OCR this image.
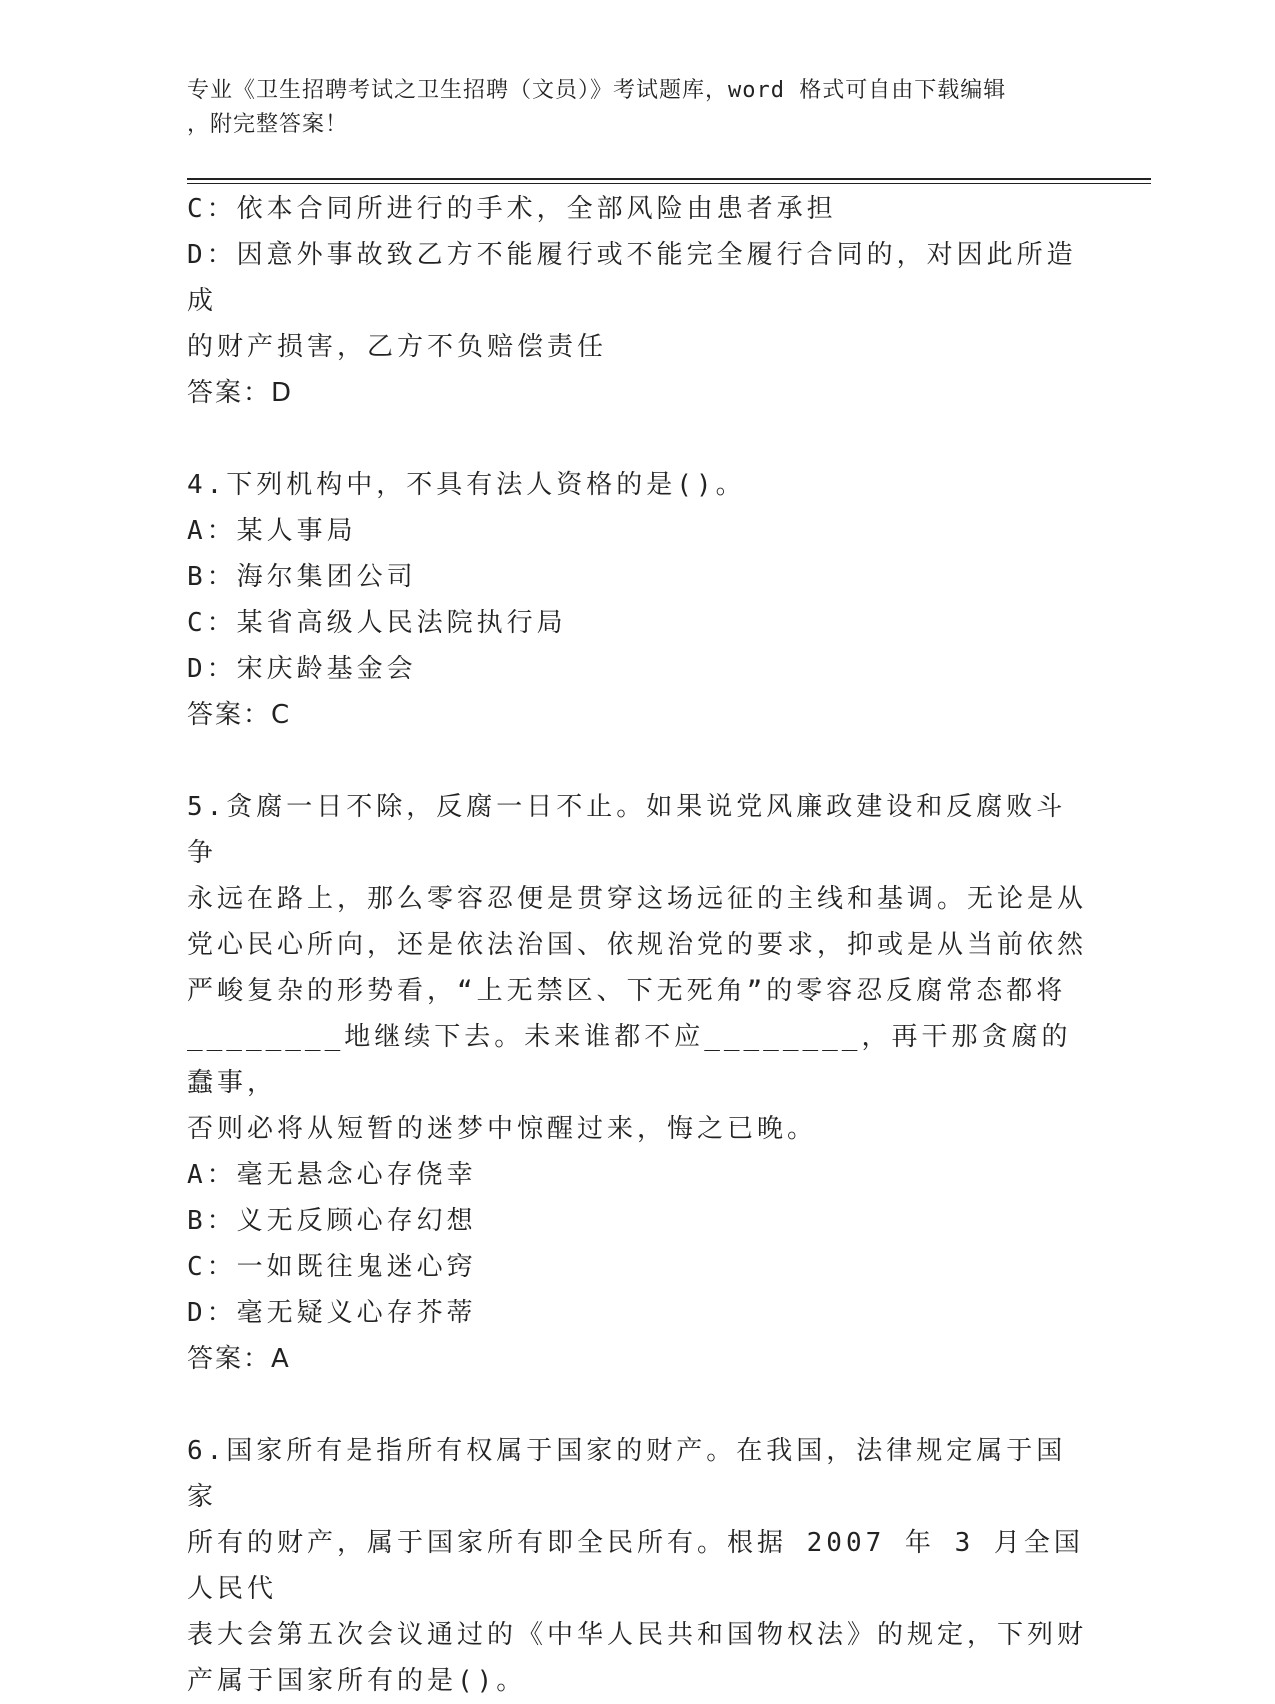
专业《卫生招聘考试之卫生招聘（文员）》考试题库，word 格式可自由下载编辑
，附完整答案！

C：依本合同所进行的手术，全部风险由患者承担

D：因意外事故致乙方不能履行或不能完全履行合同的，对因此所造成

的财产损害，乙方不负赔偿责任

答案：D

4.下列机构中，不具有法人资格的是()。

A：某人事局

B：海尔集团公司

C：某省高级人民法院执行局

D：宋庆龄基金会

答案：C

5.贪腐一日不除，反腐一日不止。如果说党风廉政建设和反腐败斗争

永远在路上，那么零容忍便是贯穿这场远征的主线和基调。无论是从

党心民心所向，还是依法治国、依规治党的要求，抑或是从当前依然

严峻复杂的形势看，“上无禁区、下无死角”的零容忍反腐常态都将

________地继续下去。未来谁都不应________，再干那贪腐的蠢事，

否则必将从短暂的迷梦中惊醒过来，悔之已晚。

A：毫无悬念心存侥幸

B：义无反顾心存幻想

C：一如既往鬼迷心窍

D：毫无疑义心存芥蒂

答案：A

6.国家所有是指所有权属于国家的财产。在我国，法律规定属于国家

所有的财产，属于国家所有即全民所有。根据 2007 年 3 月全国人民代

表大会第五次会议通过的《中华人民共和国物权法》的规定，下列财

产属于国家所有的是()。
